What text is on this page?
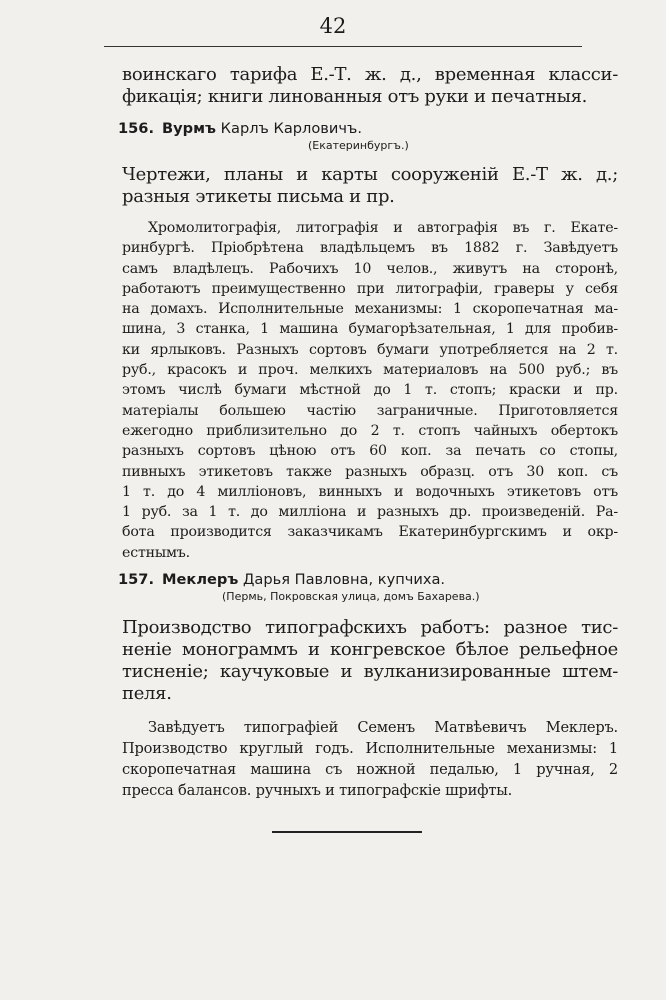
42
воинскаго тарифа Е.-Т. ж. д., временная класси-
фикація; книги линованныя отъ руки и печатныя.
156. Вурмъ Карлъ Карловичъ.
(Екатеринбургъ.)
Чертежи, планы и карты сооруженій Е.-Т ж. д.;
разныя этикеты письма и пр.
Хромолитографія, литографія и автографія въ г. Екате-
ринбургѣ. Пріобрѣтена владѣльцемъ въ 1882 г. Завѣдуетъ
самъ владѣлецъ. Рабочихъ 10 челов., живутъ на сторонѣ,
работаютъ преимущественно при литографіи, граверы у себя
на домахъ. Исполнительные механизмы: 1 скоропечатная ма-
шина, 3 станка, 1 машина бумагорѣзательная, 1 для пробив-
ки ярлыковъ. Разныхъ сортовъ бумаги употребляется на 2 т.
руб., красокъ и проч. мелкихъ материаловъ на 500 руб.; въ
этомъ числѣ бумаги мѣстной до 1 т. стопъ; краски и пр.
матеріалы большею частію заграничные. Приготовляется
ежегодно приблизительно до 2 т. стопъ чайныхъ обертокъ
разныхъ сортовъ цѣною отъ 60 коп. за печать со стопы,
пивныхъ этикетовъ также разныхъ образц. отъ 30 коп. съ
1 т. до 4 милліоновъ, винныхъ и водочныхъ этикетовъ отъ
1 руб. за 1 т. до милліона и разныхъ др. произведеній. Ра-
бота производится заказчикамъ Екатеринбургскимъ и окр-
естнымъ.
157. Меклеръ Дарья Павловна, купчиха.
(Пермь, Покровская улица, домъ Бахарева.)
Производство типографскихъ работъ: разное тис-
неніе монограммъ и конгревское бѣлое рельефное
тисненіе; каучуковые и вулканизированные штем-
пеля.
Завѣдуетъ типографіей Семенъ Матвѣевичъ Меклеръ.
Производство круглый годъ. Исполнительные механизмы: 1
скоропечатная машина съ ножной педалью, 1 ручная, 2
пресса балансов. ручныхъ и типографскіе шрифты.
